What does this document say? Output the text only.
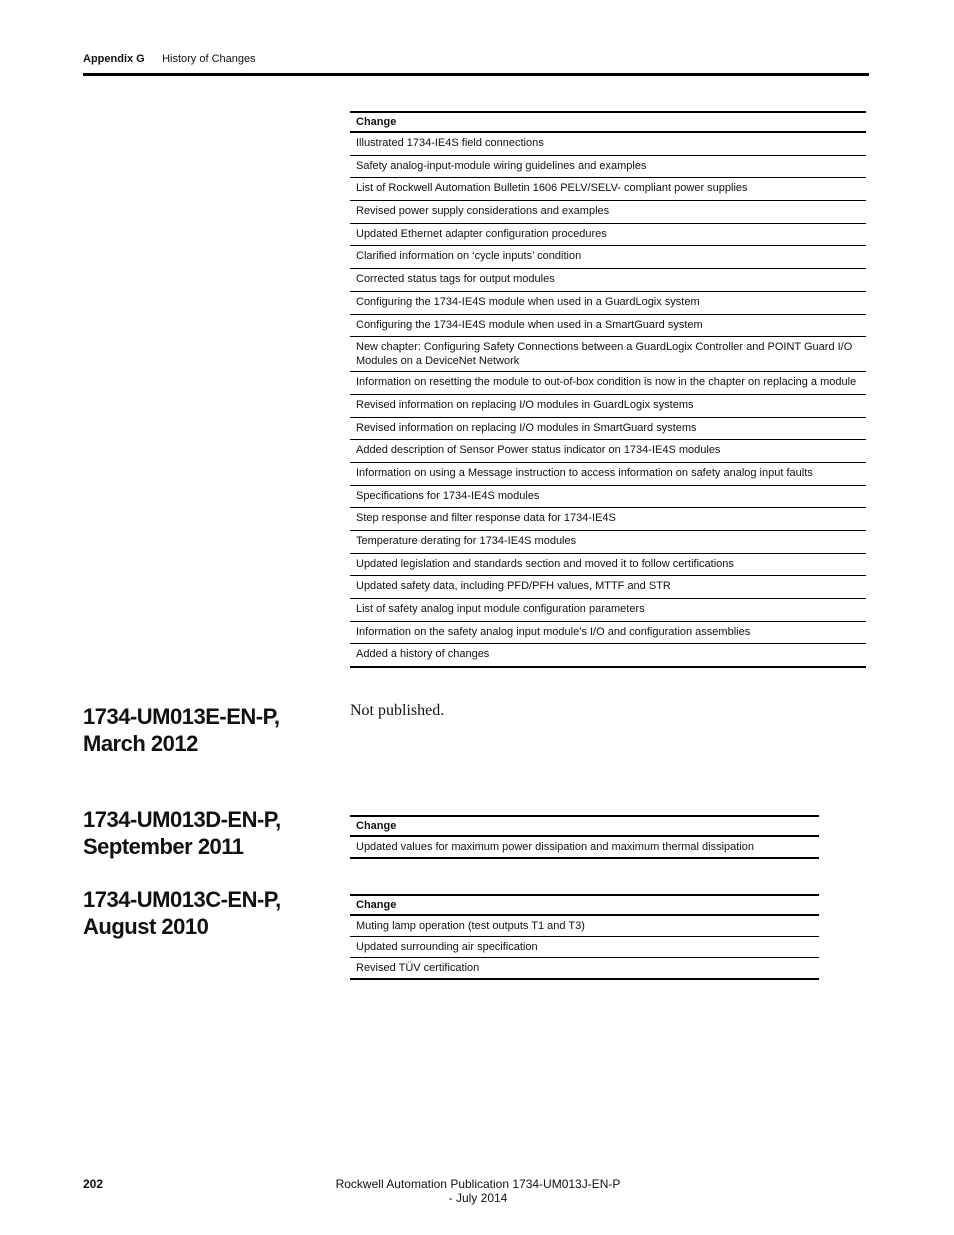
Appendix G History of Changes
Change
Illustrated 1734-IE4S field connections
Safety analog-input-module wiring guidelines and examples
List of Rockwell Automation Bulletin 1606 PELV/SELV- compliant power supplies
Revised power supply considerations and examples
Updated Ethernet adapter configuration procedures
Clarified information on ‘cycle inputs’ condition
Corrected status tags for output modules
Configuring the 1734-IE4S module when used in a GuardLogix system
Configuring the 1734-IE4S module when used in a SmartGuard system
New chapter: Configuring Safety Connections between a GuardLogix Controller and POINT Guard I/O Modules on a DeviceNet Network
Information on resetting the module to out-of-box condition is now in the chapter on replacing a module
Revised information on replacing I/O modules in GuardLogix systems
Revised information on replacing I/O modules in SmartGuard systems
Added description of Sensor Power status indicator on 1734-IE4S modules
Information on using a Message instruction to access information on safety analog input faults
Specifications for 1734-IE4S modules
Step response and filter response data for 1734-IE4S
Temperature derating for 1734-IE4S modules
Updated legislation and standards section and moved it to follow certifications
Updated safety data, including PFD/PFH values, MTTF and STR
List of safety analog input module configuration parameters
Information on the safety analog input module’s I/O and configuration assemblies
Added a history of changes
1734-UM013E-EN-P,
March 2012
Not published.
1734-UM013D-EN-P,
September 2011
Change
Updated values for maximum power dissipation and maximum thermal dissipation
1734-UM013C-EN-P,
August 2010
Change
Muting lamp operation (test outputs T1 and T3)
Updated surrounding air specification
Revised TÜV certification
202	Rockwell Automation Publication 1734-UM013J-EN-P - July 2014
